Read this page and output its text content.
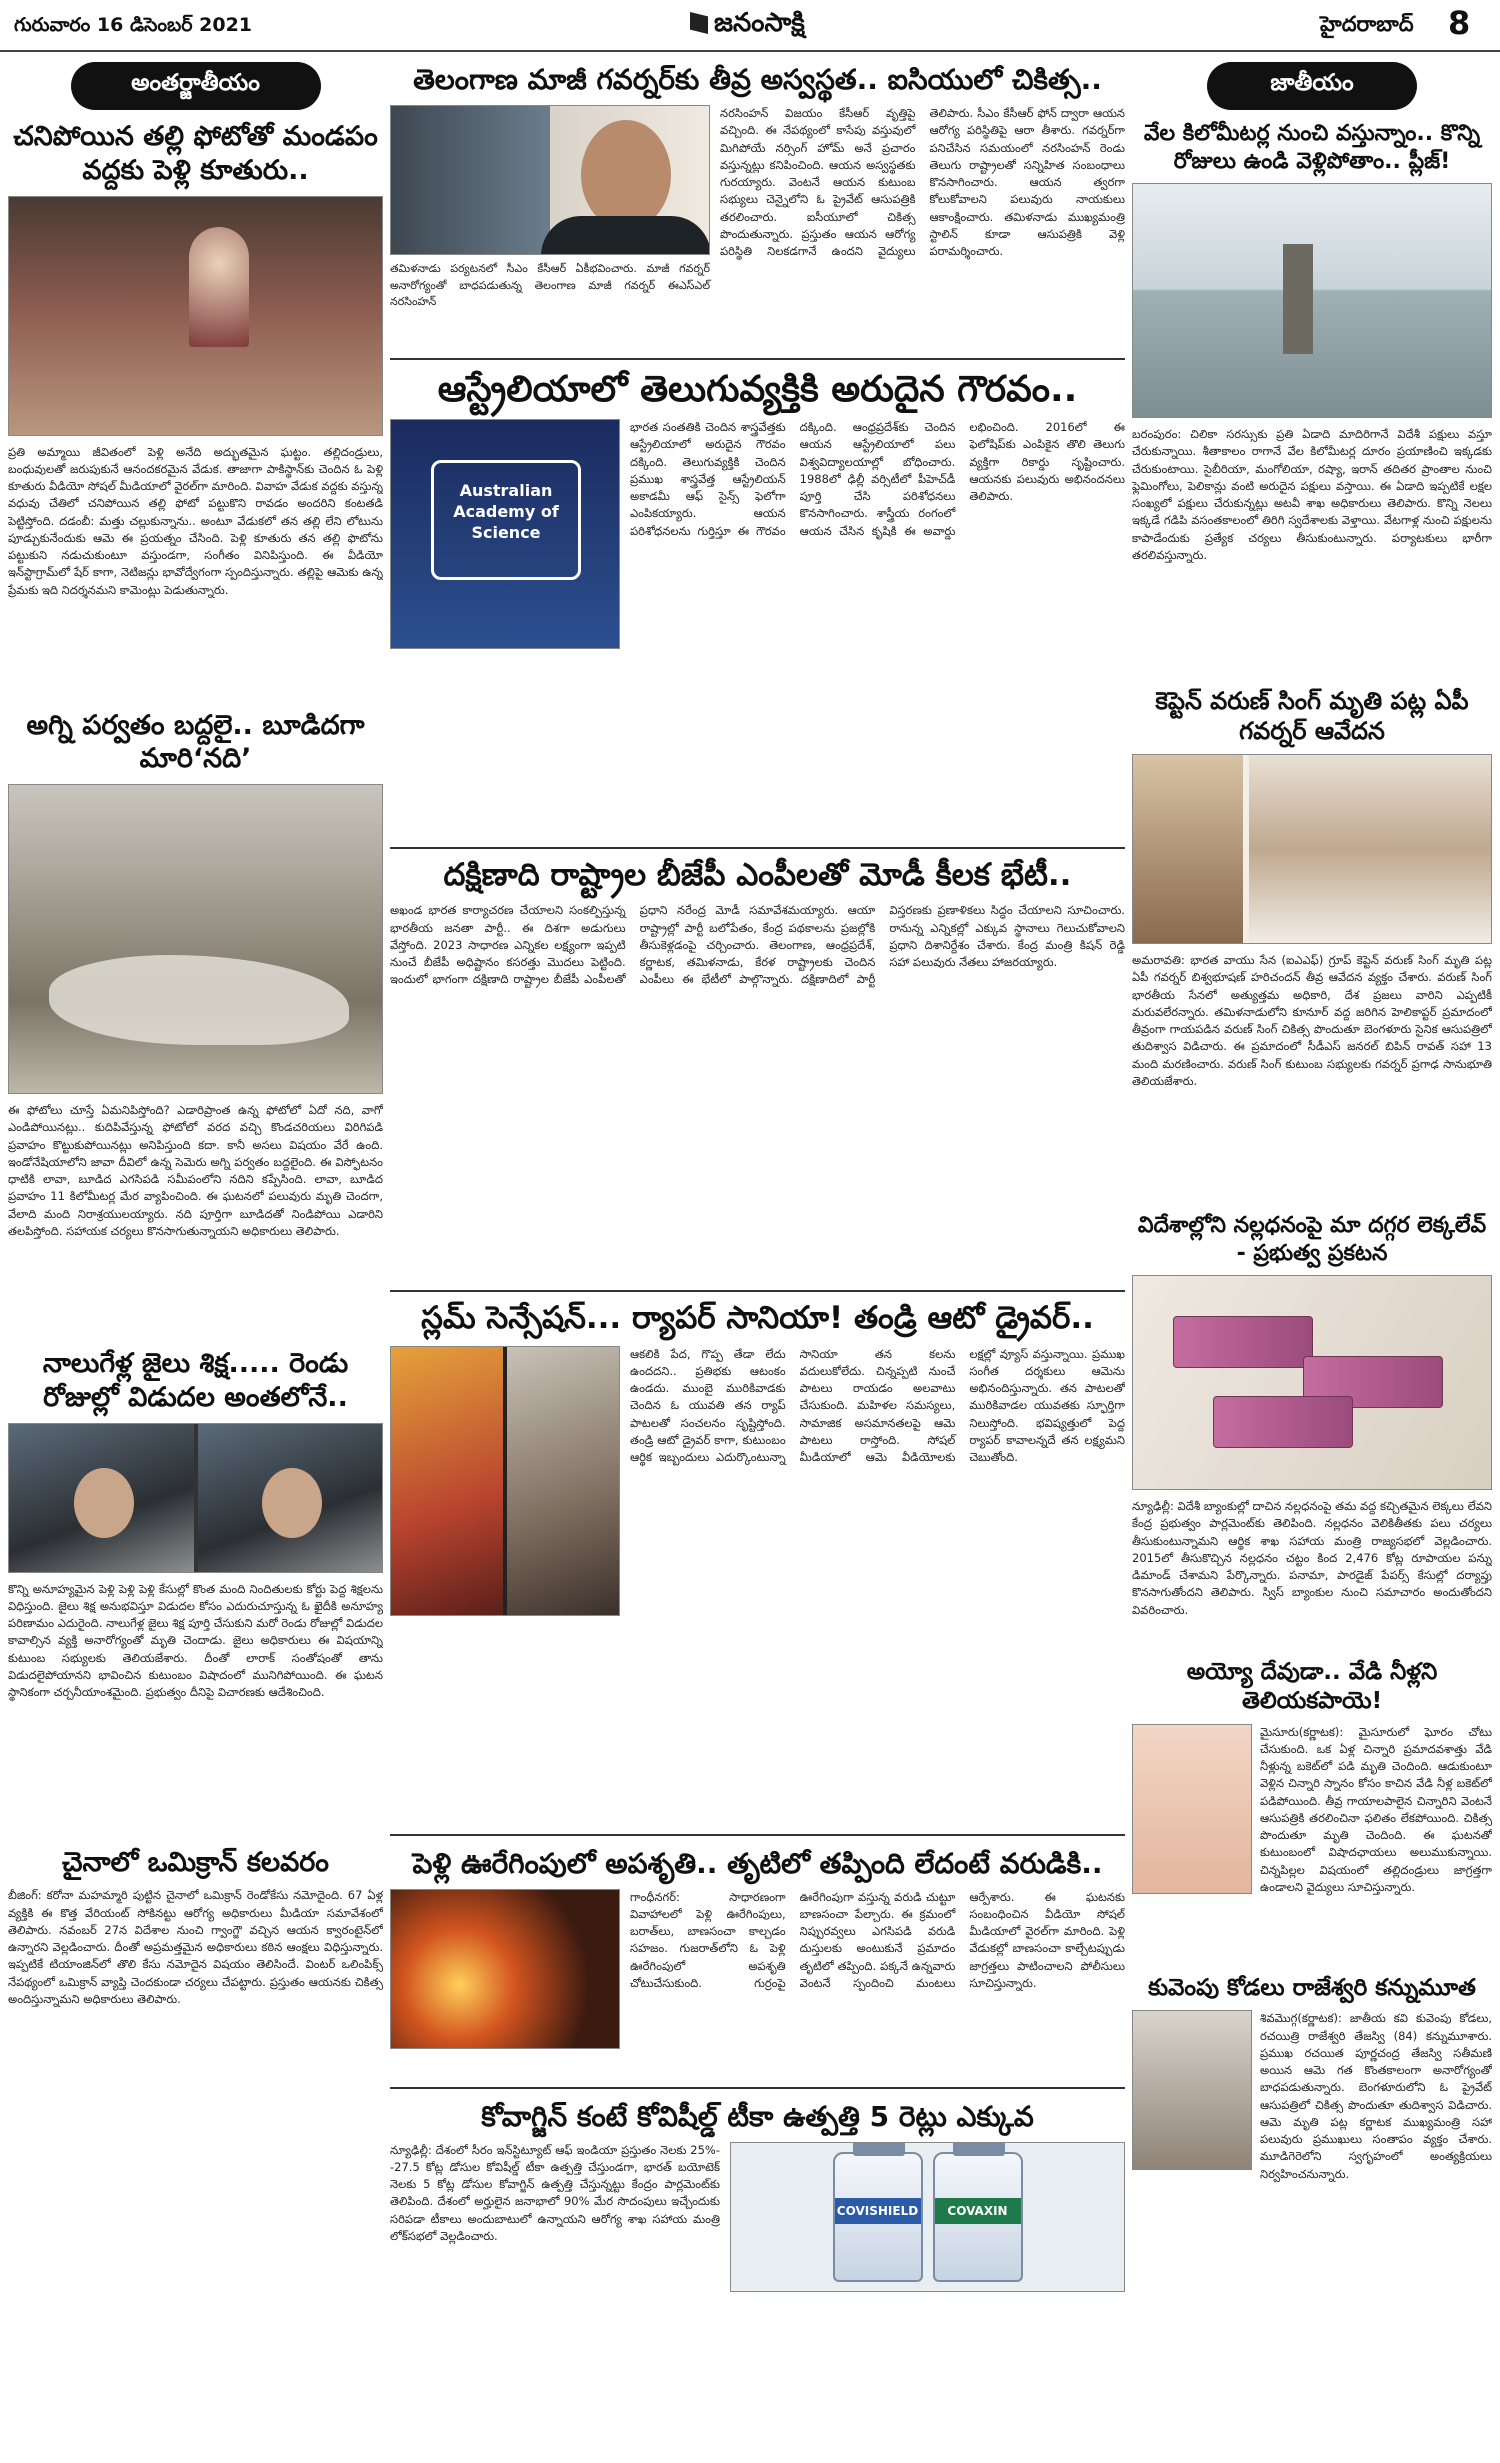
గురువారం 16 డిసెంబర్ 2021	జనంసాక్షి	హైదరాబాద్ 8
అంతర్జాతీయం
చనిపోయిన తల్లి ఫోటోతో మండపం వద్దకు పెళ్లి కూతురు..
ప్రతి అమ్మాయి జీవితంలో పెళ్లి అనేది అద్భుతమైన ఘట్టం. తల్లిదండ్రులు, బంధువులతో జరుపుకునే ఆనందకరమైన వేడుక. తాజాగా పాకిస్థాన్‌కు చెందిన ఓ పెళ్లి కూతురు వీడియో సోషల్ మీడియాలో వైరల్‌గా మారింది. వివాహ వేడుక వద్దకు వస్తున్న వధువు చేతిలో చనిపోయిన తల్లి ఫోటో పట్టుకొని రావడం అందరిని కంటతడి పెట్టిస్తోంది. దడంబీ: మత్తు చల్లుకున్నాను.. అంటూ వేడుకలో తన తల్లి లేని లోటును పూడ్చుకునేందుకు ఆమె ఈ ప్రయత్నం చేసింది. పెళ్లి కూతురు తన తల్లి ఫొటోను పట్టుకుని నడుచుకుంటూ వస్తుండగా, సంగీతం వినిపిస్తుంది. ఈ వీడియో ఇన్‌స్టాగ్రామ్‌లో షేర్ కాగా, నెటిజన్లు భావోద్వేగంగా స్పందిస్తున్నారు. తల్లిపై ఆమెకు ఉన్న ప్రేమకు ఇది నిదర్శనమని కామెంట్లు పెడుతున్నారు.
అగ్ని పర్వతం బద్దలై.. బూడిదగా మారి‘నది’
ఈ ఫోటోలు చూస్తే ఏమనిపిస్తోంది? ఎడారిప్రాంత ఉన్న ఫోటోలో ఏదో నది, వాగో ఎండిపోయినట్లు.. కుదిపివేస్తున్న ఫోటోలో వరద వచ్చి కొండచరియలు విరిగిపడి ప్రవాహం కొట్టుకుపోయినట్లు అనిపిస్తుంది కదా. కానీ అసలు విషయం వేరే ఉంది. ఇండోనేషియాలోని జావా దీవిలో ఉన్న సెమెరు అగ్ని పర్వతం బద్దలైంది. ఈ విస్ఫోటనం ధాటికి లావా, బూడిద ఎగసిపడి సమీపంలోని నదిని కప్పేసింది. లావా, బూడిద ప్రవాహం 11 కిలోమీటర్ల మేర వ్యాపించింది. ఈ ఘటనలో పలువురు మృతి చెందగా, వేలాది మంది నిరాశ్రయులయ్యారు. నది పూర్తిగా బూడిదతో నిండిపోయి ఎడారిని తలపిస్తోంది. సహాయక చర్యలు కొనసాగుతున్నాయని అధికారులు తెలిపారు.
నాలుగేళ్ల జైలు శిక్ష..... రెండు రోజుల్లో విడుదల అంతలోనే..
కొన్ని అనూహ్యమైన పెళ్లి పెళ్లి పెళ్లి కేసుల్లో కొంత మంది నిందితులకు కోర్టు పెద్ద శిక్షలను విధిస్తుంది. జైలు శిక్ష అనుభవిస్తూ విడుదల కోసం ఎదురుచూస్తున్న ఓ ఖైదీకి అనూహ్య పరిణామం ఎదురైంది. నాలుగేళ్ల జైలు శిక్ష పూర్తి చేసుకుని మరో రెండు రోజుల్లో విడుదల కావాల్సిన వ్యక్తి అనారోగ్యంతో మృతి చెందాడు. జైలు అధికారులు ఈ విషయాన్ని కుటుంబ సభ్యులకు తెలియజేశారు. దీంతో లారాక్ సంతోషంతో తాను విడుదలైపోయానని భావించిన కుటుంబం విషాదంలో మునిగిపోయింది. ఈ ఘటన స్థానికంగా చర్చనీయాంశమైంది. ప్రభుత్వం దీనిపై విచారణకు ఆదేశించింది.
చైనాలో ఒమిక్రాన్ కలవరం
బీజింగ్: కరోనా మహమ్మారి పుట్టిన చైనాలో ఒమిక్రాన్ రెండోకేసు నమోదైంది. 67 ఏళ్ల వ్యక్తికి ఈ కొత్త వేరియంట్ సోకినట్టు ఆరోగ్య అధికారులు మీడియా సమావేశంలో తెలిపారు. నవంబర్ 27న విదేశాల నుంచి గ్వాంగ్జౌ వచ్చిన ఆయన క్వారంటైన్‌లో ఉన్నారని వెల్లడించారు. దీంతో అప్రమత్తమైన అధికారులు కఠిన ఆంక్షలు విధిస్తున్నారు. ఇప్పటికే టియాంజిన్‌లో తొలి కేసు నమోదైన విషయం తెలిసిందే. వింటర్ ఒలింపిక్స్ నేపథ్యంలో ఒమిక్రాన్ వ్యాప్తి చెందకుండా చర్యలు చేపట్టారు. ప్రస్తుతం ఆయనకు చికిత్స అందిస్తున్నామని అధికారులు తెలిపారు.
తెలంగాణ మాజీ గవర్నర్‌కు తీవ్ర అస్వస్థత.. ఐసియులో చికిత్స..
తమిళనాడు పర్యటనలో సీఎం కేసీఆర్ ఏకీభవించారు. మాజీ గవర్నర్ అనారోగ్యంతో బాధపడుతున్న తెలంగాణ మాజీ గవర్నర్ ఈఎస్ఎల్ నరసింహన్
నరసింహన్ విజయం కేసీఆర్ వృత్తిపై వచ్చింది. ఈ నేపథ్యంలో కాసేపు వస్తువులో మిగిపోయే నర్సింగ్ హోమ్ అనే ప్రచారం వస్తున్నట్లు కనిపించింది. ఆయన అస్వస్థతకు గురయ్యారు. వెంటనే ఆయన కుటుంబ సభ్యులు చెన్నైలోని ఓ ప్రైవేట్ ఆసుపత్రికి తరలించారు. ఐసీయూలో చికిత్స పొందుతున్నారు. ప్రస్తుతం ఆయన ఆరోగ్య పరిస్థితి నిలకడగానే ఉందని వైద్యులు తెలిపారు. సీఎం కేసీఆర్ ఫోన్ ద్వారా ఆయన ఆరోగ్య పరిస్థితిపై ఆరా తీశారు. గవర్నర్‌గా పనిచేసిన సమయంలో నరసింహన్ రెండు తెలుగు రాష్ట్రాలతో సన్నిహిత సంబంధాలు కొనసాగించారు. ఆయన త్వరగా కోలుకోవాలని పలువురు నాయకులు ఆకాంక్షించారు. తమిళనాడు ముఖ్యమంత్రి స్టాలిన్ కూడా ఆసుపత్రికి వెళ్లి పరామర్శించారు.
ఆస్ట్రేలియాలో తెలుగువ్యక్తికి అరుదైన గౌరవం..
Australian Academy of Science
భారత సంతతికి చెందిన శాస్త్రవేత్తకు ఆస్ట్రేలియాలో అరుదైన గౌరవం దక్కింది. తెలుగువ్యక్తికి చెందిన ప్రముఖ శాస్త్రవేత్త ఆస్ట్రేలియన్ అకాడమీ ఆఫ్ సైన్స్ ఫెలోగా ఎంపికయ్యారు. ఆయన పరిశోధనలను గుర్తిస్తూ ఈ గౌరవం దక్కింది. ఆంధ్రప్రదేశ్‌కు చెందిన ఆయన ఆస్ట్రేలియాలో పలు విశ్వవిద్యాలయాల్లో బోధించారు. 1988లో ఢిల్లీ వర్సిటీలో పీహెచ్‌డీ పూర్తి చేసి పరిశోధనలు కొనసాగించారు. శాస్త్రీయ రంగంలో ఆయన చేసిన కృషికి ఈ అవార్డు లభించింది. 2016లో ఈ ఫెలోషిప్‌కు ఎంపికైన తొలి తెలుగు వ్యక్తిగా రికార్డు సృష్టించారు. ఆయనకు పలువురు అభినందనలు తెలిపారు.
దక్షిణాది రాష్ట్రాల బీజేపీ ఎంపీలతో మోడీ కీలక భేటీ..
అఖండ భారత కార్యాచరణ చేయాలని సంకల్పిస్తున్న భారతీయ జనతా పార్టీ.. ఈ దిశగా అడుగులు వేస్తోంది. 2023 సాధారణ ఎన్నికల లక్ష్యంగా ఇప్పటి నుంచే బీజేపీ అధిష్టానం కసరత్తు మొదలు పెట్టింది. ఇందులో భాగంగా దక్షిణాది రాష్ట్రాల బీజేపీ ఎంపీలతో ప్రధాని నరేంద్ర మోడీ సమావేశమయ్యారు. ఆయా రాష్ట్రాల్లో పార్టీ బలోపేతం, కేంద్ర పథకాలను ప్రజల్లోకి తీసుకెళ్లడంపై చర్చించారు. తెలంగాణ, ఆంధ్రప్రదేశ్, కర్ణాటక, తమిళనాడు, కేరళ రాష్ట్రాలకు చెందిన ఎంపీలు ఈ భేటీలో పాల్గొన్నారు. దక్షిణాదిలో పార్టీ విస్తరణకు ప్రణాళికలు సిద్ధం చేయాలని సూచించారు. రానున్న ఎన్నికల్లో ఎక్కువ స్థానాలు గెలుచుకోవాలని ప్రధాని దిశానిర్దేశం చేశారు. కేంద్ర మంత్రి కిషన్ రెడ్డి సహా పలువురు నేతలు హాజరయ్యారు.
స్లమ్ సెన్సేషన్... ర్యాపర్ సానియా! తండ్రి ఆటో డ్రైవర్..
ఆకలికి పేద, గొప్ప తేడా లేదు ఉందదని.. ప్రతిభకు ఆటంకం ఉండదు. ముంబై మురికివాడకు చెందిన ఓ యువతి తన ర్యాప్ పాటలతో సంచలనం సృష్టిస్తోంది. తండ్రి ఆటో డ్రైవర్ కాగా, కుటుంబం ఆర్థిక ఇబ్బందులు ఎదుర్కొంటున్నా సానియా తన కలను వదులుకోలేదు. చిన్నప్పటి నుంచే పాటలు రాయడం అలవాటు చేసుకుంది. మహిళల సమస్యలు, సామాజిక అసమానతలపై ఆమె పాటలు రాస్తోంది. సోషల్ మీడియాలో ఆమె వీడియోలకు లక్షల్లో వ్యూస్ వస్తున్నాయి. ప్రముఖ సంగీత దర్శకులు ఆమెను అభినందిస్తున్నారు. తన పాటలతో మురికివాడల యువతకు స్ఫూర్తిగా నిలుస్తోంది. భవిష్యత్తులో పెద్ద ర్యాపర్ కావాలన్నదే తన లక్ష్యమని చెబుతోంది.
పెళ్లి ఊరేగింపులో అపశృతి.. తృటిలో తప్పింది లేదంటే వరుడికి..
గాంధీనగర్: సాధారణంగా వివాహాలలో పెళ్లి ఊరేగింపులు, బరాత్‌లు, బాణసంచా కాల్చడం సహజం. గుజరాత్‌లోని ఓ పెళ్లి ఊరేగింపులో అపశృతి చోటుచేసుకుంది. గుర్రంపై ఊరేగింపుగా వస్తున్న వరుడి చుట్టూ బాణసంచా పేల్చారు. ఈ క్రమంలో నిప్పురవ్వలు ఎగసిపడి వరుడి దుస్తులకు అంటుకునే ప్రమాదం తృటిలో తప్పింది. పక్కనే ఉన్నవారు వెంటనే స్పందించి మంటలు ఆర్పేశారు. ఈ ఘటనకు సంబంధించిన వీడియో సోషల్ మీడియాలో వైరల్‌గా మారింది. పెళ్లి వేడుకల్లో బాణసంచా కాల్చేటప్పుడు జాగ్రత్తలు పాటించాలని పోలీసులు సూచిస్తున్నారు.
కోవాగ్జిన్ కంటే కోవిషీల్డ్ టీకా ఉత్పత్తి 5 రెట్లు ఎక్కువ
న్యూఢిల్లీ: దేశంలో సీరం ఇన్‌స్టిట్యూట్ ఆఫ్ ఇండియా ప్రస్తుతం నెలకు 25%--27.5 కోట్ల డోసుల కోవిషీల్డ్ టీకా ఉత్పత్తి చేస్తుండగా, భారత్ బయోటెక్ నెలకు 5 కోట్ల డోసుల కోవాగ్జిన్ ఉత్పత్తి చేస్తున్నట్టు కేంద్రం పార్లమెంట్‌కు తెలిపింది. దేశంలో అర్హులైన జనాభాలో 90% మేర సొదంపులు ఇచ్చేందుకు సరిపడా టీకాలు అందుబాటులో ఉన్నాయని ఆరోగ్య శాఖ సహాయ మంత్రి లోక్‌సభలో వెల్లడించారు.
COVISHIELD	COVAXIN
జాతీయం
వేల కిలోమీటర్ల నుంచి వస్తున్నాం.. కొన్ని రోజులు ఉండి వెళ్లిపోతాం.. ప్లీజ్!
బరంపురం: చిలికా సరస్సుకు ప్రతి ఏడాది మాదిరిగానే విదేశీ పక్షులు వస్తూ చేరుకున్నాయి. శీతాకాలం రాగానే వేల కిలోమీటర్ల దూరం ప్రయాణించి ఇక్కడకు చేరుకుంటాయి. సైబీరియా, మంగోలియా, రష్యా, ఇరాన్ తదితర ప్రాంతాల నుంచి ఫ్లెమింగోలు, పెలికాన్లు వంటి అరుదైన పక్షులు వస్తాయి. ఈ ఏడాది ఇప్పటికే లక్షల సంఖ్యలో పక్షులు చేరుకున్నట్లు అటవీ శాఖ అధికారులు తెలిపారు. కొన్ని నెలలు ఇక్కడే గడిపి వసంతకాలంలో తిరిగి స్వదేశాలకు వెళ్తాయి. వేటగాళ్ల నుంచి పక్షులను కాపాడేందుకు ప్రత్యేక చర్యలు తీసుకుంటున్నారు. పర్యాటకులు భారీగా తరలివస్తున్నారు.
కెప్టెన్ వరుణ్ సింగ్ మృతి పట్ల ఏపీ గవర్నర్ ఆవేదన
అమరావతి: భారత వాయు సేన (ఐఎఎఫ్) గ్రూప్ కెప్టెన్ వరుణ్ సింగ్ మృతి పట్ల ఏపీ గవర్నర్ బిశ్వభూషణ్ హరిచందన్ తీవ్ర ఆవేదన వ్యక్తం చేశారు. వరుణ్ సింగ్ భారతీయ సేనలో అత్యుత్తమ అధికారి, దేశ ప్రజలు వారిని ఎప్పటికీ మరువలేరన్నారు. తమిళనాడులోని కూనూర్ వద్ద జరిగిన హెలికాప్టర్ ప్రమాదంలో తీవ్రంగా గాయపడిన వరుణ్ సింగ్ చికిత్స పొందుతూ బెంగళూరు సైనిక ఆసుపత్రిలో తుదిశ్వాస విడిచారు. ఈ ప్రమాదంలో సీడీఎస్ జనరల్ బిపిన్ రావత్ సహా 13 మంది మరణించారు. వరుణ్ సింగ్ కుటుంబ సభ్యులకు గవర్నర్ ప్రగాఢ సానుభూతి తెలియజేశారు.
విదేశాల్లోని నల్లధనంపై మా దగ్గర లెక్కలేవ్ - ప్రభుత్వ ప్రకటన
న్యూఢిల్లీ: విదేశీ బ్యాంకుల్లో దాచిన నల్లధనంపై తమ వద్ద కచ్చితమైన లెక్కలు లేవని కేంద్ర ప్రభుత్వం పార్లమెంట్‌కు తెలిపింది. నల్లధనం వెలికితీతకు పలు చర్యలు తీసుకుంటున్నామని ఆర్థిక శాఖ సహాయ మంత్రి రాజ్యసభలో వెల్లడించారు. 2015లో తీసుకొచ్చిన నల్లధనం చట్టం కింద 2,476 కోట్ల రూపాయల పన్ను డిమాండ్ చేశామని పేర్కొన్నారు. పనామా, పారడైజ్ పేపర్స్ కేసుల్లో దర్యాప్తు కొనసాగుతోందని తెలిపారు. స్విస్ బ్యాంకుల నుంచి సమాచారం అందుతోందని వివరించారు.
అయ్యో దేవుడా.. వేడి నీళ్లని తెలియకపాయె!
మైసూరు(కర్ణాటక): మైసూరులో ఘోరం చోటు చేసుకుంది. ఒక ఏళ్ల చిన్నారి ప్రమాదవశాత్తు వేడి నీళ్లున్న బకెట్‌లో పడి మృతి చెందింది. ఆడుకుంటూ వెళ్లిన చిన్నారి స్నానం కోసం కాచిన వేడి నీళ్ల బకెట్‌లో పడిపోయింది. తీవ్ర గాయాలపాలైన చిన్నారిని వెంటనే ఆసుపత్రికి తరలించినా ఫలితం లేకపోయింది. చికిత్స పొందుతూ మృతి చెందింది. ఈ ఘటనతో కుటుంబంలో విషాదఛాయలు అలుముకున్నాయి. చిన్నపిల్లల విషయంలో తల్లిదండ్రులు జాగ్రత్తగా ఉండాలని వైద్యులు సూచిస్తున్నారు.
కువెంపు కోడలు రాజేశ్వరి కన్నుమూత
శివమొగ్గ(కర్ణాటక): జాతీయ కవి కువెంపు కోడలు, రచయిత్రి రాజేశ్వరి తేజస్వి (84) కన్నుమూశారు. ప్రముఖ రచయిత పూర్ణచంద్ర తేజస్వి సతీమణి అయిన ఆమె గత కొంతకాలంగా అనారోగ్యంతో బాధపడుతున్నారు. బెంగళూరులోని ఓ ప్రైవేట్ ఆసుపత్రిలో చికిత్స పొందుతూ తుదిశ్వాస విడిచారు. ఆమె మృతి పట్ల కర్ణాటక ముఖ్యమంత్రి సహా పలువురు ప్రముఖులు సంతాపం వ్యక్తం చేశారు. మూడిగెరెలోని స్వగృహంలో అంత్యక్రియలు నిర్వహించనున్నారు.
